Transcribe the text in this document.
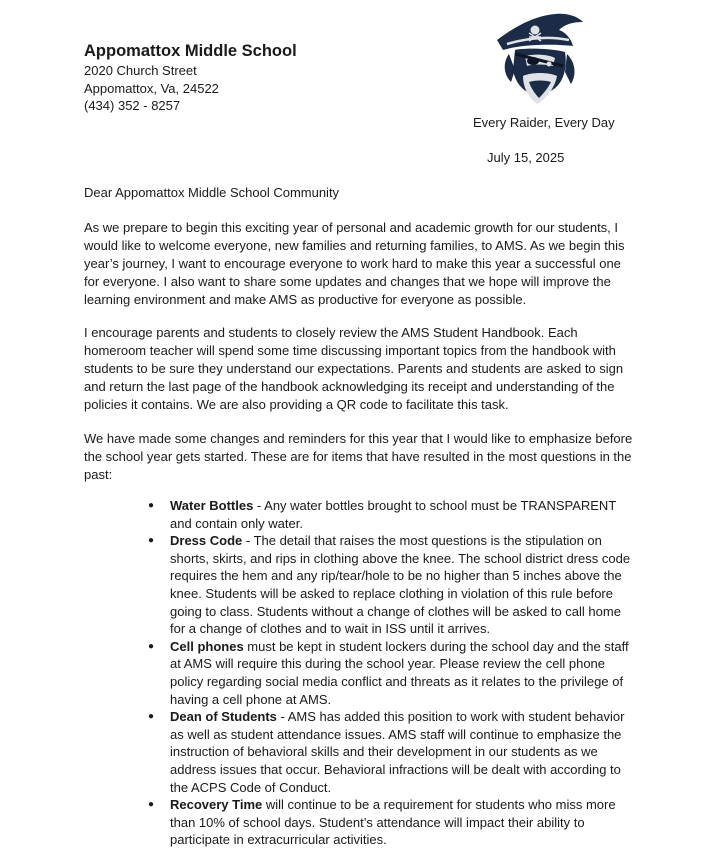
Appomattox Middle School
2020 Church Street
Appomattox, Va, 24522
(434) 352 - 8257
Every Raider, Every Day
July 15, 2025
Dear Appomattox Middle School Community

As we prepare to begin this exciting year of personal and academic growth for our students, I
would like to welcome everyone, new families and returning families, to AMS. As we begin this
year’s journey, I want to encourage everyone to work hard to make this year a successful one
for everyone. I also want to share some updates and changes that we hope will improve the
learning environment and make AMS as productive for everyone as possible.

I encourage parents and students to closely review the AMS Student Handbook. Each
homeroom teacher will spend some time discussing important topics from the handbook with
students to be sure they understand our expectations. Parents and students are asked to sign
and return the last page of the handbook acknowledging its receipt and understanding of the
policies it contains. We are also providing a QR code to facilitate this task.

We have made some changes and reminders for this year that I would like to emphasize before
the school year gets started. These are for items that have resulted in the most questions in the
past:

● Water Bottles - Any water bottles brought to school must be TRANSPARENT
and contain only water.
● Dress Code - The detail that raises the most questions is the stipulation on
shorts, skirts, and rips in clothing above the knee. The school district dress code
requires the hem and any rip/tear/hole to be no higher than 5 inches above the
knee. Students will be asked to replace clothing in violation of this rule before
going to class. Students without a change of clothes will be asked to call home
for a change of clothes and to wait in ISS until it arrives.
● Cell phones must be kept in student lockers during the school day and the staff
at AMS will require this during the school year. Please review the cell phone
policy regarding social media conflict and threats as it relates to the privilege of
having a cell phone at AMS.
● Dean of Students - AMS has added this position to work with student behavior
as well as student attendance issues. AMS staff will continue to emphasize the
instruction of behavioral skills and their development in our students as we
address issues that occur. Behavioral infractions will be dealt with according to
the ACPS Code of Conduct.
● Recovery Time will continue to be a requirement for students who miss more
than 10% of school days. Student’s attendance will impact their ability to
participate in extracurricular activities.
